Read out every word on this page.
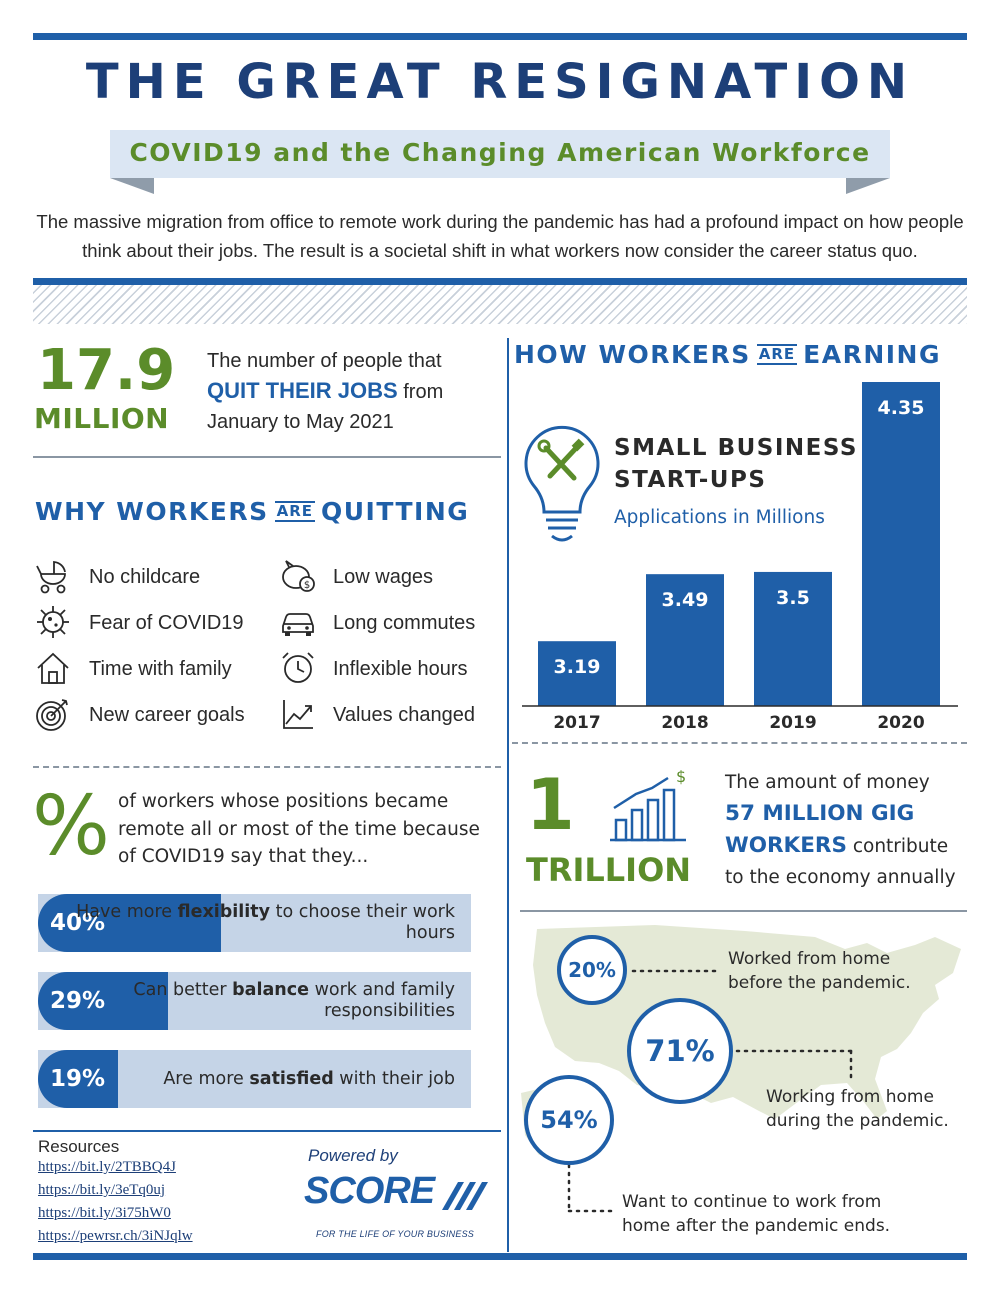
THE GREAT RESIGNATION
COVID19 and the Changing American Workforce
The massive migration from office to remote work during the pandemic has had a profound impact on how people think about their jobs. The result is a societal shift in what workers now consider the career status quo.
17.9
MILLION
The number of people that
QUIT THEIR JOBS from
January to May 2021
WHY WORKERS ARE QUITTING
No childcare	$ Low wages
Fear of COVID19	Long commutes
Time with family	Inflexible hours
New career goals	Values changed
% of workers whose positions became remote all or most of the time because of COVID19 say that they...
40%
Have more flexibility to choose their work hours
29%	Can better balance work and family responsibilities
19%	Are more satisfied with their job
Resources
https://bit.ly/2TBBQ4J
https://bit.ly/3eTq0uj
https://bit.ly/3i75hW0
https://pewrsr.ch/3iNJqlw
Powered by
SCORE
FOR THE LIFE OF YOUR BUSINESS
HOW WORKERS ARE EARNING
SMALL BUSINESS
START-UPS
Applications in Millions
3.19
2017
3.49
2018
3.5
2019
4.35
2020
1
TRILLION
$ The amount of money
57 MILLION GIG WORKERS contribute to the economy annually
20%	Worked from home before the pandemic.
71%
Working from home during the pandemic.
54%
Want to continue to work from home after the pandemic ends.
